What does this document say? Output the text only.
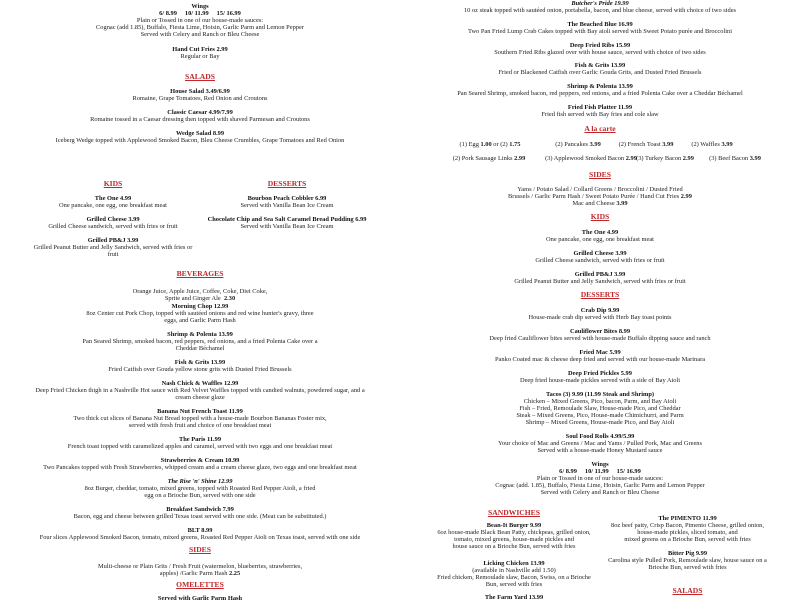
Wings
6/ 8.99     10/ 11.99     15/ 16.99
Plain or Tossed in one of our house-made sauces:
Cognac (add 1.85), Buffalo, Fiesta Lime, Hoisin, Garlic Parm and Lemon Pepper
Served with Celery and Ranch or Bleu Cheese
Hand Cut Fries 2.99
Regular or Bay
SALADS
House Salad 3.49/6.99
Romaine, Grape Tomatoes, Red Onion and Croutons
Classic Caesar 4.99/7.99
Romaine tossed in a Caesar dressing then topped with shaved Parmesan and Croutons
Wedge Salad 8.99
Iceberg Wedge topped with Applewood Smoked Bacon, Bleu Cheese Crumbles, Grape Tomatoes and Red Onion
KIDS
The One 4.99
One pancake, one egg, one breakfast meat
Grilled Cheese 3.99
Grilled Cheese sandwich, served with fries or fruit
Grilled PB&J 3.99
Grilled Peanut Butter and Jelly Sandwich, served with fries or
fruit
DESSERTS
Bourbon Peach Cobbler 6.99
Served with Vanilla Bean Ice Cream
Chocolate Chip and Sea Salt Caramel Bread Pudding 6.99
Served with Vanilla Bean Ice Cream
BEVERAGES
Orange Juice, Apple Juice, Coffee, Coke, Diet Coke,
Sprite and Ginger Ale 2.30
Morning Chop 12.99
8oz Center cut Pork Chop, topped with sautéed onions and red wine hunter's gravy, three
eggs, and Garlic Parm Hash
Shrimp & Polenta 13.99
Pan Seared Shrimp, smoked bacon, red peppers, red onions, and a fried Polenta Cake over a
Cheddar Béchamel
Fish & Grits 13.99
Fried Catfish over Gouda yellow stone grits with Dusted Fried Brussels
Nash Chick & Waffles 12.99
Deep Fried Chicken thigh in a Nashville Hot sauce with Red Velvet Waffles topped with candied walnuts, powdered sugar, and a
cream cheese glaze
Banana Nut French Toast 11.99
Two thick cut slices of Banana Nut Bread topped with a house-made Bourbon Bananas Foster mix,
served with fresh fruit and choice of one breakfast meat
The Paris 11.99
French toast topped with caramelized apples and caramel, served with two eggs and one breakfast meat
Strawberries & Cream 10.99
Two Pancakes topped with Fresh Strawberries, whipped cream and a cream cheese glaze, two eggs and one breakfast meat
The Rise 'n' Shine 12.99
8oz Burger, cheddar, tomato, mixed greens, topped with Roasted Red Pepper Aioli, a fried
egg on a Brioche Bun, served with one side
Breakfast Sandwich 7.99
Bacon, egg and cheese between grilled Texas toast served with one side. (Meat can be substituted.)
BLT 8.99
Four slices Applewood Smoked Bacon, tomato, mixed greens, Roasted Red Pepper Aioli on Texas toast, served with one side
SIDES
Multi-cheese or Plain Grits / Fresh Fruit (watermelon, blueberries, strawberries,
apples) /Garlic Parm Hash 2.25
OMELETTES
Served with Garlic Parm Hash
Butcher's Pride 19.99
10 oz steak topped with sautéed onion, portabella, bacon, and blue cheese, served with choice of two sides
The Beached Blue 16.99
Two Pan Fried Lump Crab Cakes topped with Bay aioli served with Sweet Potato purée and Broccolini
Deep Fried Ribs 15.99
Southern Fried Ribs glazed over with house sauce, served with choice of two sides
Fish & Grits 13.99
Fried or Blackened Catfish over Garlic Gouda Grits, and Dusted Fried Brussels
Shrimp & Polenta 13.99
Pan Seared Shrimp, smoked bacon, red peppers, red onions, and a fried Polenta Cake over a Cheddar Béchamel
Fried Fish Platter 11.99
Fried fish served with Bay fries and cole slaw
A la carte
(1) Egg 1.00 or (2) 1.75	(2) Pancakes 3.99	(2) French Toast 3.99	(2) Waffles 3.99
(2) Pork Sausage Links 2.99	(3) Applewood Smoked Bacon 2.99 (3) Turkey Bacon 2.99 (3) Beef Bacon 3.99
SIDES
Yams / Potato Salad / Collard Greens / Broccolini / Dusted Fried
Brussels / Garlic Parm Hash / Sweet Potato Purée / Hand Cut Fries 2.99
Mac and Cheese 3.99
KIDS
The One 4.99
One pancake, one egg, one breakfast meat
Grilled Cheese 3.99
Grilled Cheese sandwich, served with fries or fruit
Grilled PB&J 3.99
Grilled Peanut Butter and Jelly Sandwich, served with fries or fruit
DESSERTS
Crab Dip 9.99
House-made crab dip served with Herb Bay toast points
Cauliflower Bites 8.99
Deep fried Cauliflower bites served with house-made Buffalo dipping sauce and ranch
Fried Mac 5.99
Panko Coated mac & cheese deep fried and served with our house-made Marinara
Deep Fried Pickles 5.99
Deep fried house-made pickles served with a side of Bay Aioli
Tacos (3) 9.99 (11.99 Steak and Shrimp)
Chicken – Mixed Greens, Pico, bacon, Parm, and Bay Aioli
Fish – Fried, Remoulade Slaw, House-made Pico, and Cheddar
Steak – Mixed Greens, Pico, House-made Chimichurri, and Parm
Shrimp – Mixed Greens, House-made Pico, and Bay Aioli
Soul Food Rolls 4.99/5.99
Your choice of Mac and Greens / Mac and Yams / Pulled Pork, Mac and Greens
Served with a house-made Honey Mustard sauce
Wings
6/ 8.99     10/ 11.99     15/ 16.99
Plain or Tossed in one of our house-made sauces:
Cognac (add. 1.85), Buffalo, Fiesta Lime, Hoisin, Garlic Parm and Lemon Pepper
Served with Celery and Ranch or Bleu Cheese
SANDWICHES
Bean-It Burger 9.99
6oz house-made Black Bean Patty, chickpeas, grilled onion,
tomato, mixed greens, house-made pickles and
house sauce on a Brioche Bun, served with fries
Licking Chicken 13.99
(available in Nashville add 1.50)
Fried chicken, Remoulade slaw, Bacon, Swiss, on a Brioche
Bun, served with fries
The Farm Yard 13.99
The PIMENTO 11.99
8oz beef patty, Crisp Bacon, Pimento Cheese, grilled onion,
house-made pickles, sliced tomato, and
mixed greens on a Brioche Bun, served with fries
Bitter Pig 9.99
Carolina style Pulled Pork, Remoulade slaw, house sauce on a
Brioche Bun, served with fries
SALADS
